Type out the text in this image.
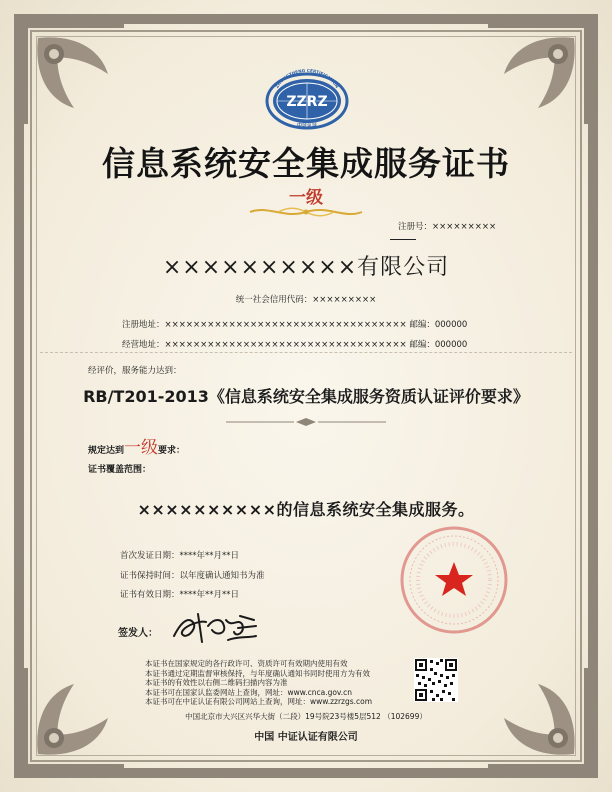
ZZRZ
ZHONGZHENG CERTIFICATION
中证认证
信息系统安全集成服务证书
一级
注册号：×××××××××
××××××××××有限公司
统一社会信用代码：×××××××××
注册地址：×××××××××××××××××××××××××××××××××× 邮编：000000
经营地址：×××××××××××××××××××××××××××××××××× 邮编：000000
经评价，服务能力达到：
RB/T201-2013《信息系统安全集成服务资质认证评价要求》
规定达到一级要求：
证书覆盖范围：
××××××××××的信息系统安全集成服务。
首次发证日期：****年**月**日
证书保持时间：以年度确认通知书为准
证书有效日期：****年**月**日
签发人：
本证书在国家规定的各行政许可、资质许可有效期内使用有效
本证书通过定期监督审核保持，与年度确认通知书同时使用方为有效
本证书的有效性以右侧二维码扫描内容为准
本证书可在国家认监委网站上查询，网址：www.cnca.gov.cn
本证书可在中证认证有限公司网站上查询，网址：www.zzrzgs.com
中国北京市大兴区兴华大街（二段）19号院23号楼5层512 （102699）
中国 中证认证有限公司
